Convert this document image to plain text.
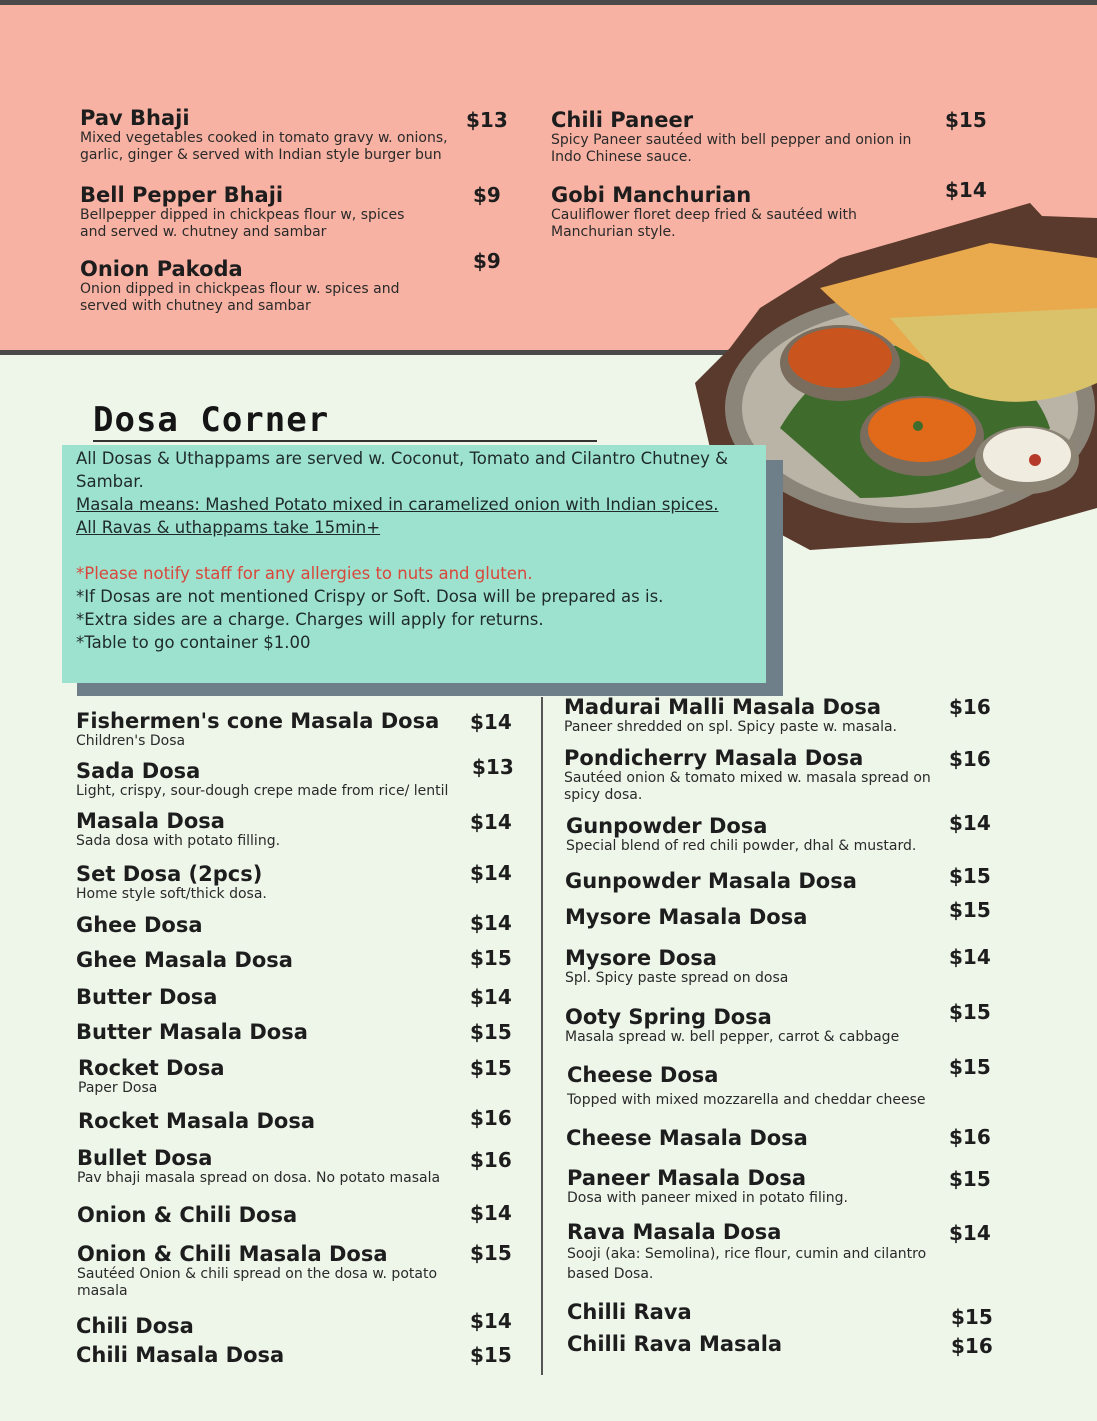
Pav Bhaji
Mixed vegetables cooked in tomato gravy w. onions, garlic, ginger & served with Indian style burger bun
$13
Bell Pepper Bhaji
Bellpepper dipped in chickpeas flour w, spices and served w. chutney and sambar
$9
Onion Pakoda
Onion dipped in chickpeas flour w. spices and served with chutney and sambar
$9
Chili Paneer
Spicy Paneer sautéed with bell pepper and onion in Indo Chinese sauce.
$15
Gobi Manchurian
Cauliflower floret deep fried & sautéed with Manchurian style.
$14
Dosa Corner
All Dosas & Uthappams are served w. Coconut, Tomato and Cilantro Chutney & Sambar.
Masala means: Mashed Potato mixed in caramelized onion with Indian spices.
All Ravas & uthappams take 15min+
*Please notify staff for any allergies to nuts and gluten.
*If Dosas are not mentioned Crispy or Soft. Dosa will be prepared as is.
*Extra sides are a charge. Charges will apply for returns.
*Table to go container $1.00
Fishermen's cone Masala Dosa
Children's Dosa
$14
Sada Dosa
Light, crispy, sour-dough crepe made from rice/ lentil
$13
Masala Dosa
Sada dosa with potato filling.
$14
Set Dosa (2pcs)
Home style soft/thick dosa.
$14
Ghee Dosa	$14
Ghee Masala Dosa	$15
Butter Dosa	$14
Butter Masala Dosa	$15
Rocket Dosa
Paper Dosa
$15
Rocket Masala Dosa	$16
Bullet Dosa
Pav bhaji masala spread on dosa. No potato masala
$16
Onion & Chili Dosa	$14
Onion & Chili Masala Dosa
Sautéed Onion & chili spread on the dosa w. potato masala
$15
Chili Dosa	$14
Chili Masala Dosa	$15
Madurai Malli Masala Dosa
Paneer shredded on spl. Spicy paste w. masala.
$16
Pondicherry Masala Dosa
Sautéed onion & tomato mixed w. masala spread on spicy dosa.
$16
Gunpowder Dosa
Special blend of red chili powder, dhal & mustard.
$14
Gunpowder Masala Dosa	$15
Mysore Masala Dosa	$15
Mysore Dosa
Spl. Spicy paste spread on dosa
$14
Ooty Spring Dosa
Masala spread w. bell pepper, carrot & cabbage
$15
Cheese Dosa
Topped with mixed mozzarella and cheddar cheese
$15
Cheese Masala Dosa	$16
Paneer Masala Dosa
Dosa with paneer mixed in potato filing.
$15
Rava Masala Dosa
Sooji (aka: Semolina), rice flour, cumin and cilantro based Dosa.
$14
Chilli Rava	$15
Chilli Rava Masala	$16
